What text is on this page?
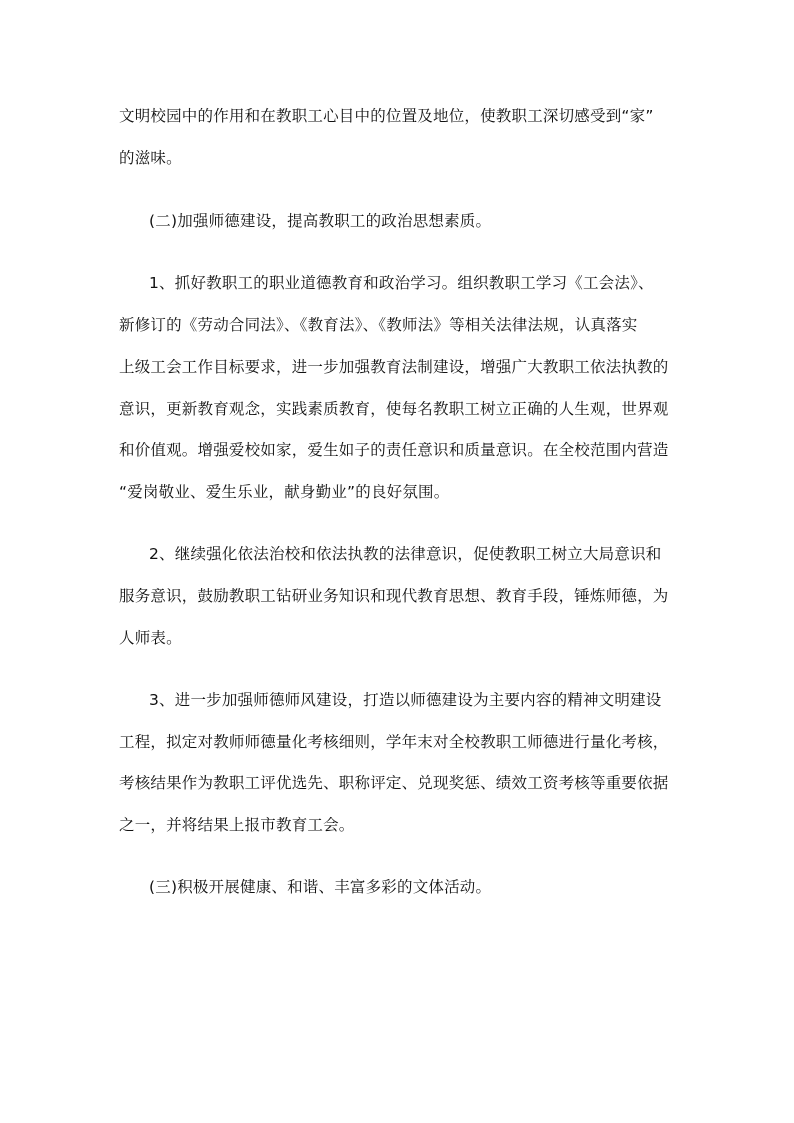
文明校园中的作用和在教职工心目中的位置及地位，使教职工深切感受到“家”
的滋味。
(二)加强师德建设，提高教职工的政治思想素质。
1、抓好教职工的职业道德教育和政治学习。组织教职工学习《工会法》、
新修订的《劳动合同法》、《教育法》、《教师法》等相关法律法规，认真落实
上级工会工作目标要求，进一步加强教育法制建设，增强广大教职工依法执教的
意识，更新教育观念，实践素质教育，使每名教职工树立正确的人生观，世界观
和价值观。增强爱校如家，爱生如子的责任意识和质量意识。在全校范围内营造
“爱岗敬业、爱生乐业，献身勤业”的良好氛围。
2、继续强化依法治校和依法执教的法律意识，促使教职工树立大局意识和
服务意识，鼓励教职工钻研业务知识和现代教育思想、教育手段，锤炼师德，为
人师表。
3、进一步加强师德师风建设，打造以师德建设为主要内容的精神文明建设
工程，拟定对教师师德量化考核细则，学年末对全校教职工师德进行量化考核，
考核结果作为教职工评优选先、职称评定、兑现奖惩、绩效工资考核等重要依据
之一，并将结果上报市教育工会。
(三)积极开展健康、和谐、丰富多彩的文体活动。
